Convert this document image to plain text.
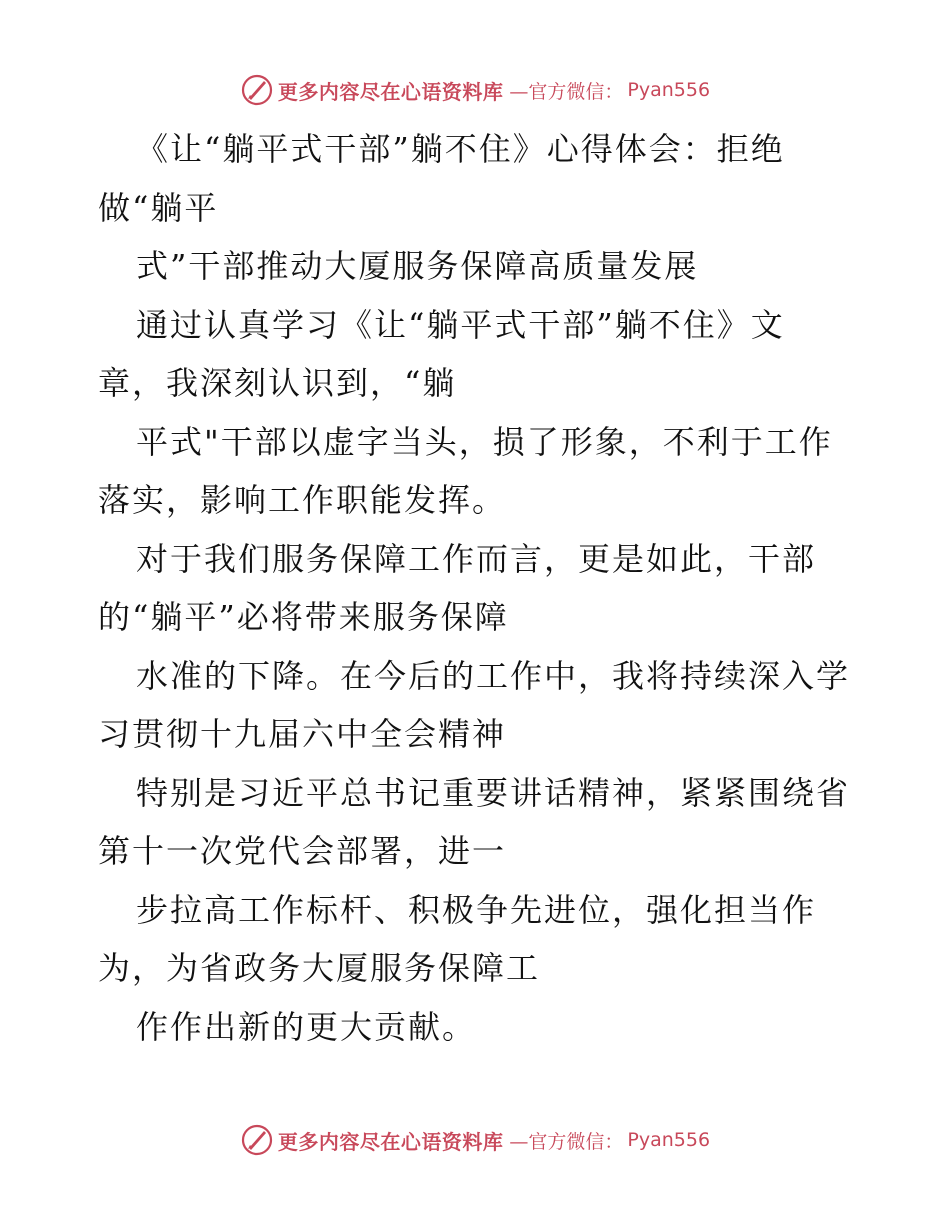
更多内容尽在心语资料库 —官方微信： Pyan556
《让“躺平式干部”躺不住》心得体会：拒绝
做“躺平
式”干部推动大厦服务保障高质量发展
通过认真学习《让“躺平式干部”躺不住》文
章，我深刻认识到，“躺
平式"干部以虚字当头，损了形象，不利于工作
落实，影响工作职能发挥。
对于我们服务保障工作而言，更是如此，干部
的“躺平”必将带来服务保障
水准的下降。在今后的工作中，我将持续深入学
习贯彻十九届六中全会精神
特别是习近平总书记重要讲话精神，紧紧围绕省
第十一次党代会部署，进一
步拉高工作标杆、积极争先进位，强化担当作
为，为省政务大厦服务保障工
作作出新的更大贡献。
更多内容尽在心语资料库 —官方微信： Pyan556
